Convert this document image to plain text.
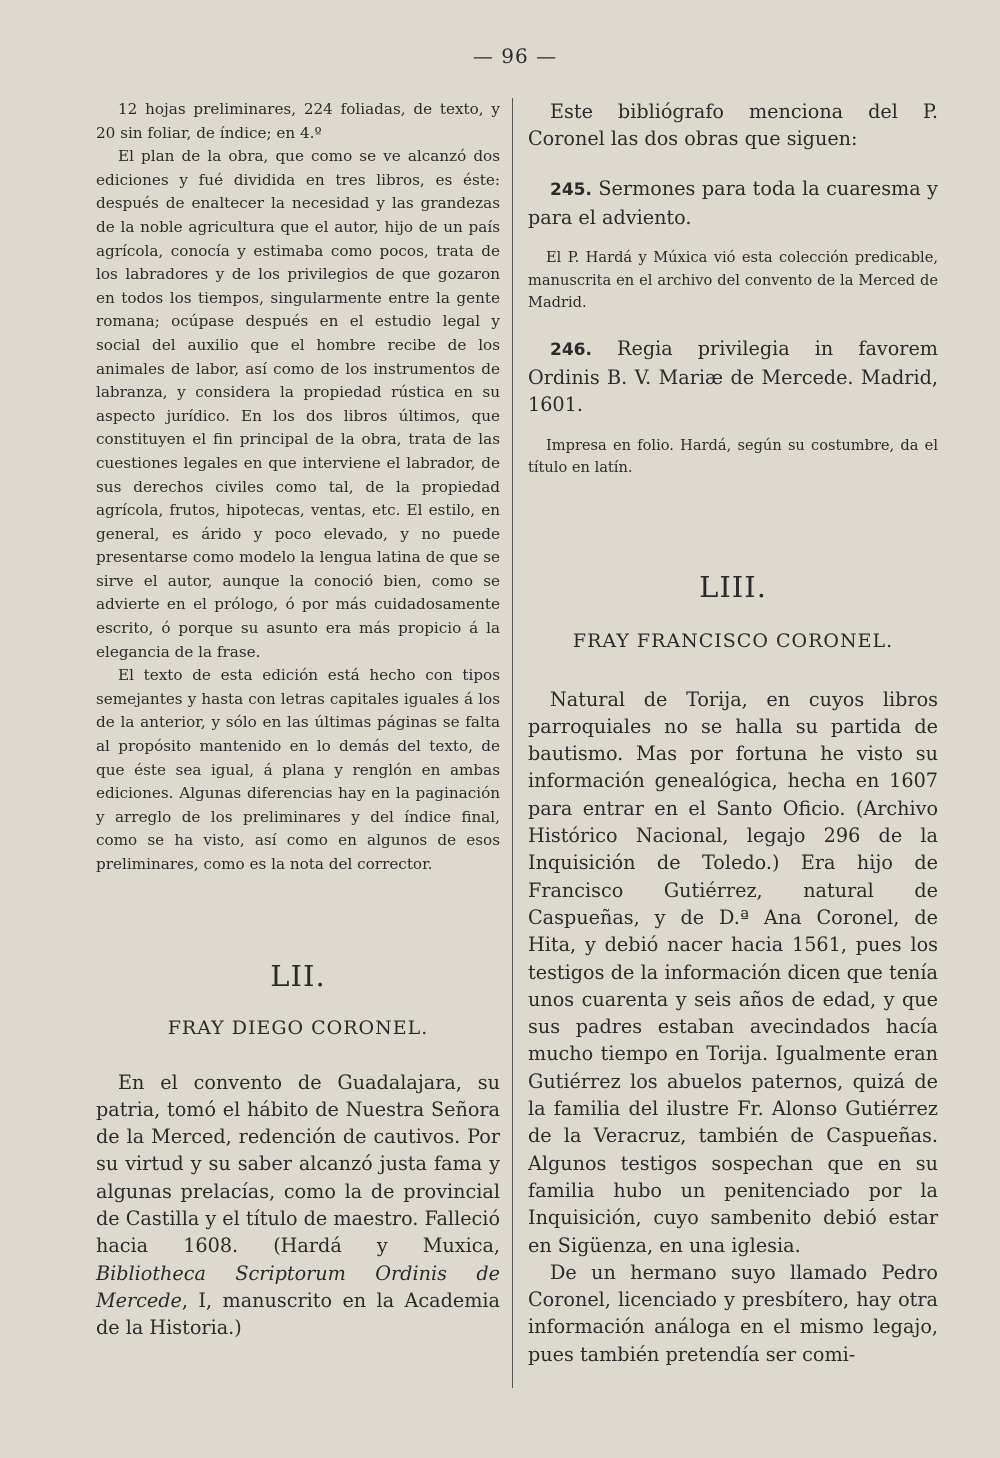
— 96 —

12 hojas preliminares, 224 foliadas, de texto, y 20 sin foliar, de índice; en 4.º

El plan de la obra, que como se ve alcanzó dos ediciones y fué dividida en tres libros, es éste: después de enaltecer la necesidad y las grandezas de la noble agricultura que el autor, hijo de un país agrícola, conocía y estimaba como pocos, trata de los labradores y de los privilegios de que gozaron en todos los tiempos, singularmente entre la gente romana; ocúpase después en el estudio legal y social del auxilio que el hombre recibe de los animales de labor, así como de los instrumentos de labranza, y considera la propiedad rústica en su aspecto jurídico. En los dos libros últimos, que constituyen el fin principal de la obra, trata de las cuestiones legales en que interviene el labrador, de sus derechos civiles como tal, de la propiedad agrícola, frutos, hipotecas, ventas, etc. El estilo, en general, es árido y poco elevado, y no puede presentarse como modelo la lengua latina de que se sirve el autor, aunque la conoció bien, como se advierte en el prólogo, ó por más cuidadosamente escrito, ó porque su asunto era más propicio á la elegancia de la frase.

El texto de esta edición está hecho con tipos semejantes y hasta con letras capitales iguales á los de la anterior, y sólo en las últimas páginas se falta al propósito mantenido en lo demás del texto, de que éste sea igual, á plana y renglón en ambas ediciones. Algunas diferencias hay en la paginación y arreglo de los preliminares y del índice final, como se ha visto, así como en algunos de esos preliminares, como es la nota del corrector.

LII.

FRAY DIEGO CORONEL.

En el convento de Guadalajara, su patria, tomó el hábito de Nuestra Señora de la Merced, redención de cautivos. Por su virtud y su saber alcanzó justa fama y algunas prelacías, como la de provincial de Castilla y el título de maestro. Falleció hacia 1608. (Hardá y Muxica, Bibliotheca Scriptorum Ordinis de Mercede, I, manuscrito en la Academia de la Historia.)

Este bibliógrafo menciona del P. Coronel las dos obras que siguen:

245. Sermones para toda la cuaresma y para el adviento.

El P. Hardá y Múxica vió esta colección predicable, manuscrita en el archivo del convento de la Merced de Madrid.

246. Regia privilegia in favorem Ordinis B. V. Mariæ de Mercede. Madrid, 1601.

Impresa en folio. Hardá, según su costumbre, da el título en latín.

LIII.

FRAY FRANCISCO CORONEL.

Natural de Torija, en cuyos libros parroquiales no se halla su partida de bautismo. Mas por fortuna he visto su información genealógica, hecha en 1607 para entrar en el Santo Oficio. (Archivo Histórico Nacional, legajo 296 de la Inquisición de Toledo.) Era hijo de Francisco Gutiérrez, natural de Caspueñas, y de D.ª Ana Coronel, de Hita, y debió nacer hacia 1561, pues los testigos de la información dicen que tenía unos cuarenta y seis años de edad, y que sus padres estaban avecindados hacía mucho tiempo en Torija. Igualmente eran Gutiérrez los abuelos paternos, quizá de la familia del ilustre Fr. Alonso Gutiérrez de la Veracruz, también de Caspueñas. Algunos testigos sospechan que en su familia hubo un penitenciado por la Inquisición, cuyo sambenito debió estar en Sigüenza, en una iglesia.

De un hermano suyo llamado Pedro Coronel, licenciado y presbítero, hay otra información análoga en el mismo legajo, pues también pretendía ser comi-
